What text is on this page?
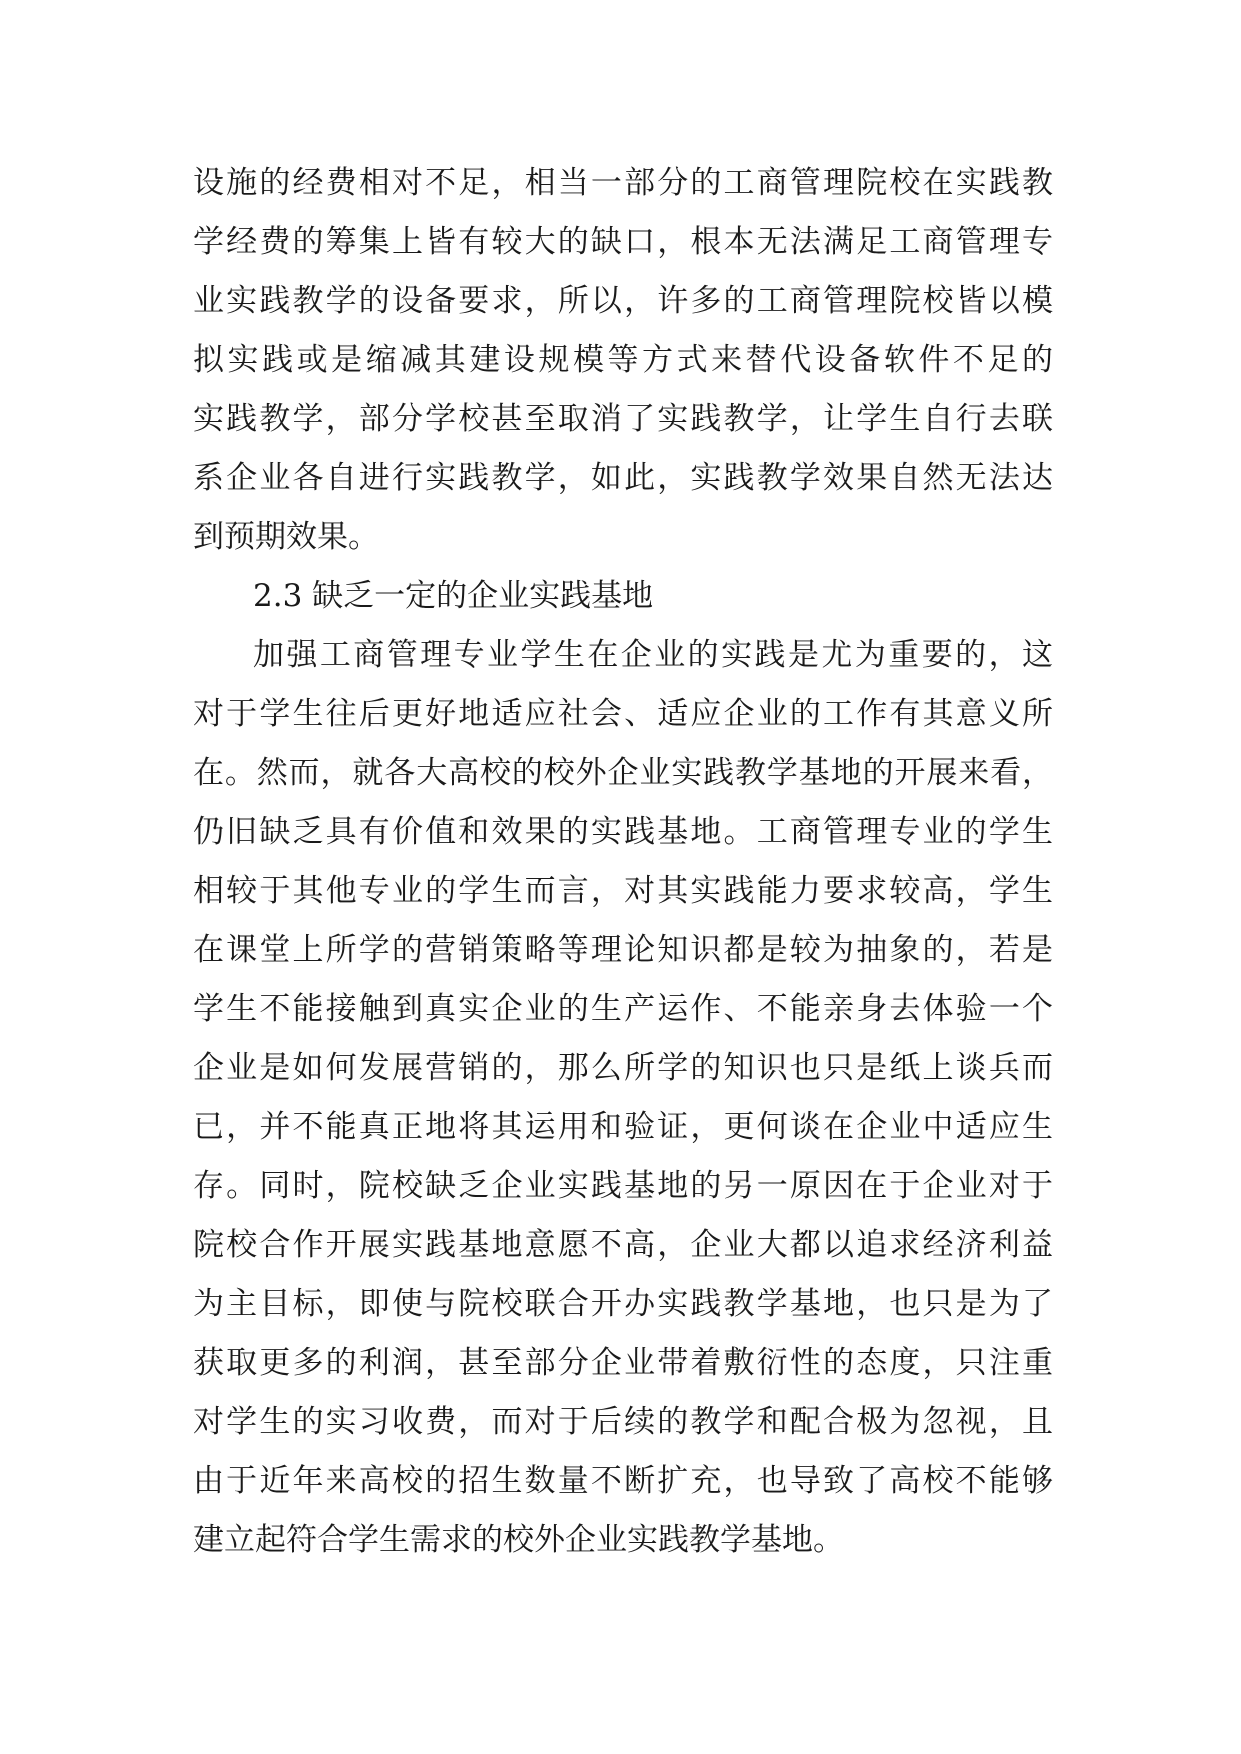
设施的经费相对不足，相当一部分的工商管理院校在实践教
学经费的筹集上皆有较大的缺口，根本无法满足工商管理专
业实践教学的设备要求，所以，许多的工商管理院校皆以模
拟实践或是缩减其建设规模等方式来替代设备软件不足的
实践教学，部分学校甚至取消了实践教学，让学生自行去联
系企业各自进行实践教学，如此，实践教学效果自然无法达
到预期效果。
2.3 缺乏一定的企业实践基地
加强工商管理专业学生在企业的实践是尤为重要的，这
对于学生往后更好地适应社会、适应企业的工作有其意义所
在。然而，就各大高校的校外企业实践教学基地的开展来看，
仍旧缺乏具有价值和效果的实践基地。工商管理专业的学生
相较于其他专业的学生而言，对其实践能力要求较高，学生
在课堂上所学的营销策略等理论知识都是较为抽象的，若是
学生不能接触到真实企业的生产运作、不能亲身去体验一个
企业是如何发展营销的，那么所学的知识也只是纸上谈兵而
已，并不能真正地将其运用和验证，更何谈在企业中适应生
存。同时，院校缺乏企业实践基地的另一原因在于企业对于
院校合作开展实践基地意愿不高，企业大都以追求经济利益
为主目标，即使与院校联合开办实践教学基地，也只是为了
获取更多的利润，甚至部分企业带着敷衍性的态度，只注重
对学生的实习收费，而对于后续的教学和配合极为忽视，且
由于近年来高校的招生数量不断扩充，也导致了高校不能够
建立起符合学生需求的校外企业实践教学基地。
